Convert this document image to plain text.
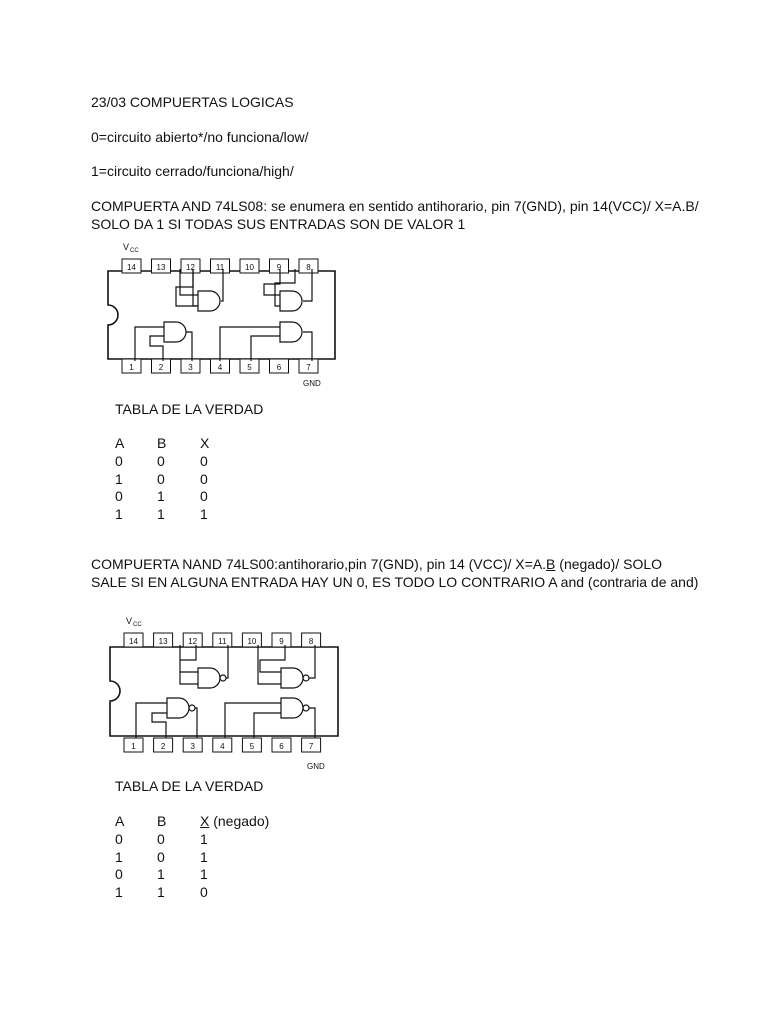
23/03 COMPUERTAS LOGICAS
0=circuito abierto*/no funciona/low/
1=circuito cerrado/funciona/high/
COMPUERTA AND 74LS08: se enumera en sentido antihorario, pin 7(GND), pin 14(VCC)/ X=A.B/ SOLO DA 1 SI TODAS SUS ENTRADAS SON DE VALOR 1
V CC
GND
14	13	12	11	10	9	8
1	2	3	4	5	6	7
TABLA DE LA VERDAD
A B X
0 0	0
1 0	0
0 1	0
1 1	1
COMPUERTA NAND 74LS00:antihorario,pin 7(GND), pin 14 (VCC)/ X=A.B (negado)/ SOLO SALE SI EN ALGUNA ENTRADA HAY UN 0, ES TODO LO CONTRARIO A and (contraria de and)
V CC
GND
14	13	12	11	10	9	8
1	2	3	4	5	6	7
TABLA DE LA VERDAD
A B X (negado)
0 0	1
1 0	1
0 1	1
1 1	0
